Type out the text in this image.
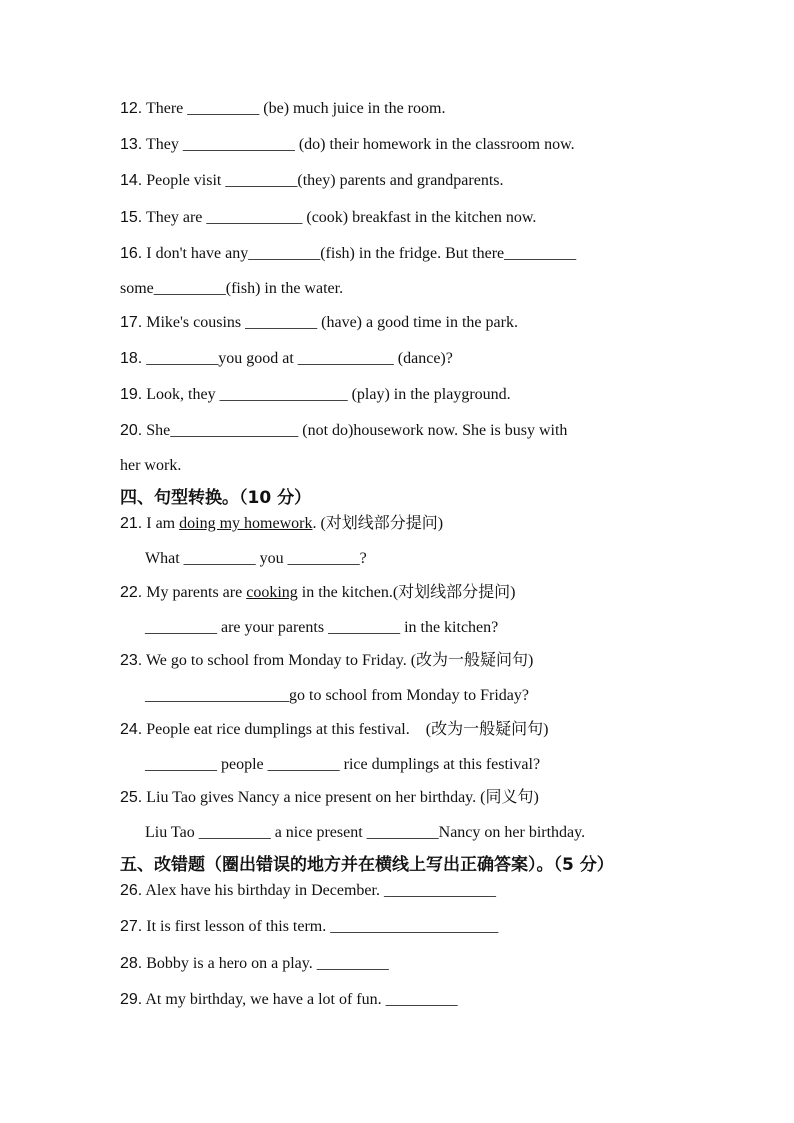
12. There _________ (be) much juice in the room.
13. They ______________ (do) their homework in the classroom now.
14. People visit _________(they) parents and grandparents.
15. They are ____________ (cook) breakfast in the kitchen now.
16. I don't have any_________(fish) in the fridge. But there_________
some_________(fish) in the water.
17. Mike's cousins _________ (have) a good time in the park.
18. _________you good at ____________ (dance)?
19. Look, they ________________ (play) in the playground.
20. She________________ (not do)housework now. She is busy with
her work.
四、句型转换。（10 分）
21. I am doing my homework. (对划线部分提问)
What _________ you _________?
22. My parents are cooking in the kitchen.(对划线部分提问)
_________ are your parents _________ in the kitchen?
23. We go to school from Monday to Friday. (改为一般疑问句)
__________________go to school from Monday to Friday?
24. People eat rice dumplings at this festival.    (改为一般疑问句)
_________ people _________ rice dumplings at this festival?
25. Liu Tao gives Nancy a nice present on her birthday. (同义句)
Liu Tao _________ a nice present _________Nancy on her birthday.
五、改错题（圈出错误的地方并在横线上写出正确答案）。（5 分）
26. Alex have his birthday in December. ______________
27. It is first lesson of this term. _____________________
28. Bobby is a hero on a play. _________
29. At my birthday, we have a lot of fun. _________
